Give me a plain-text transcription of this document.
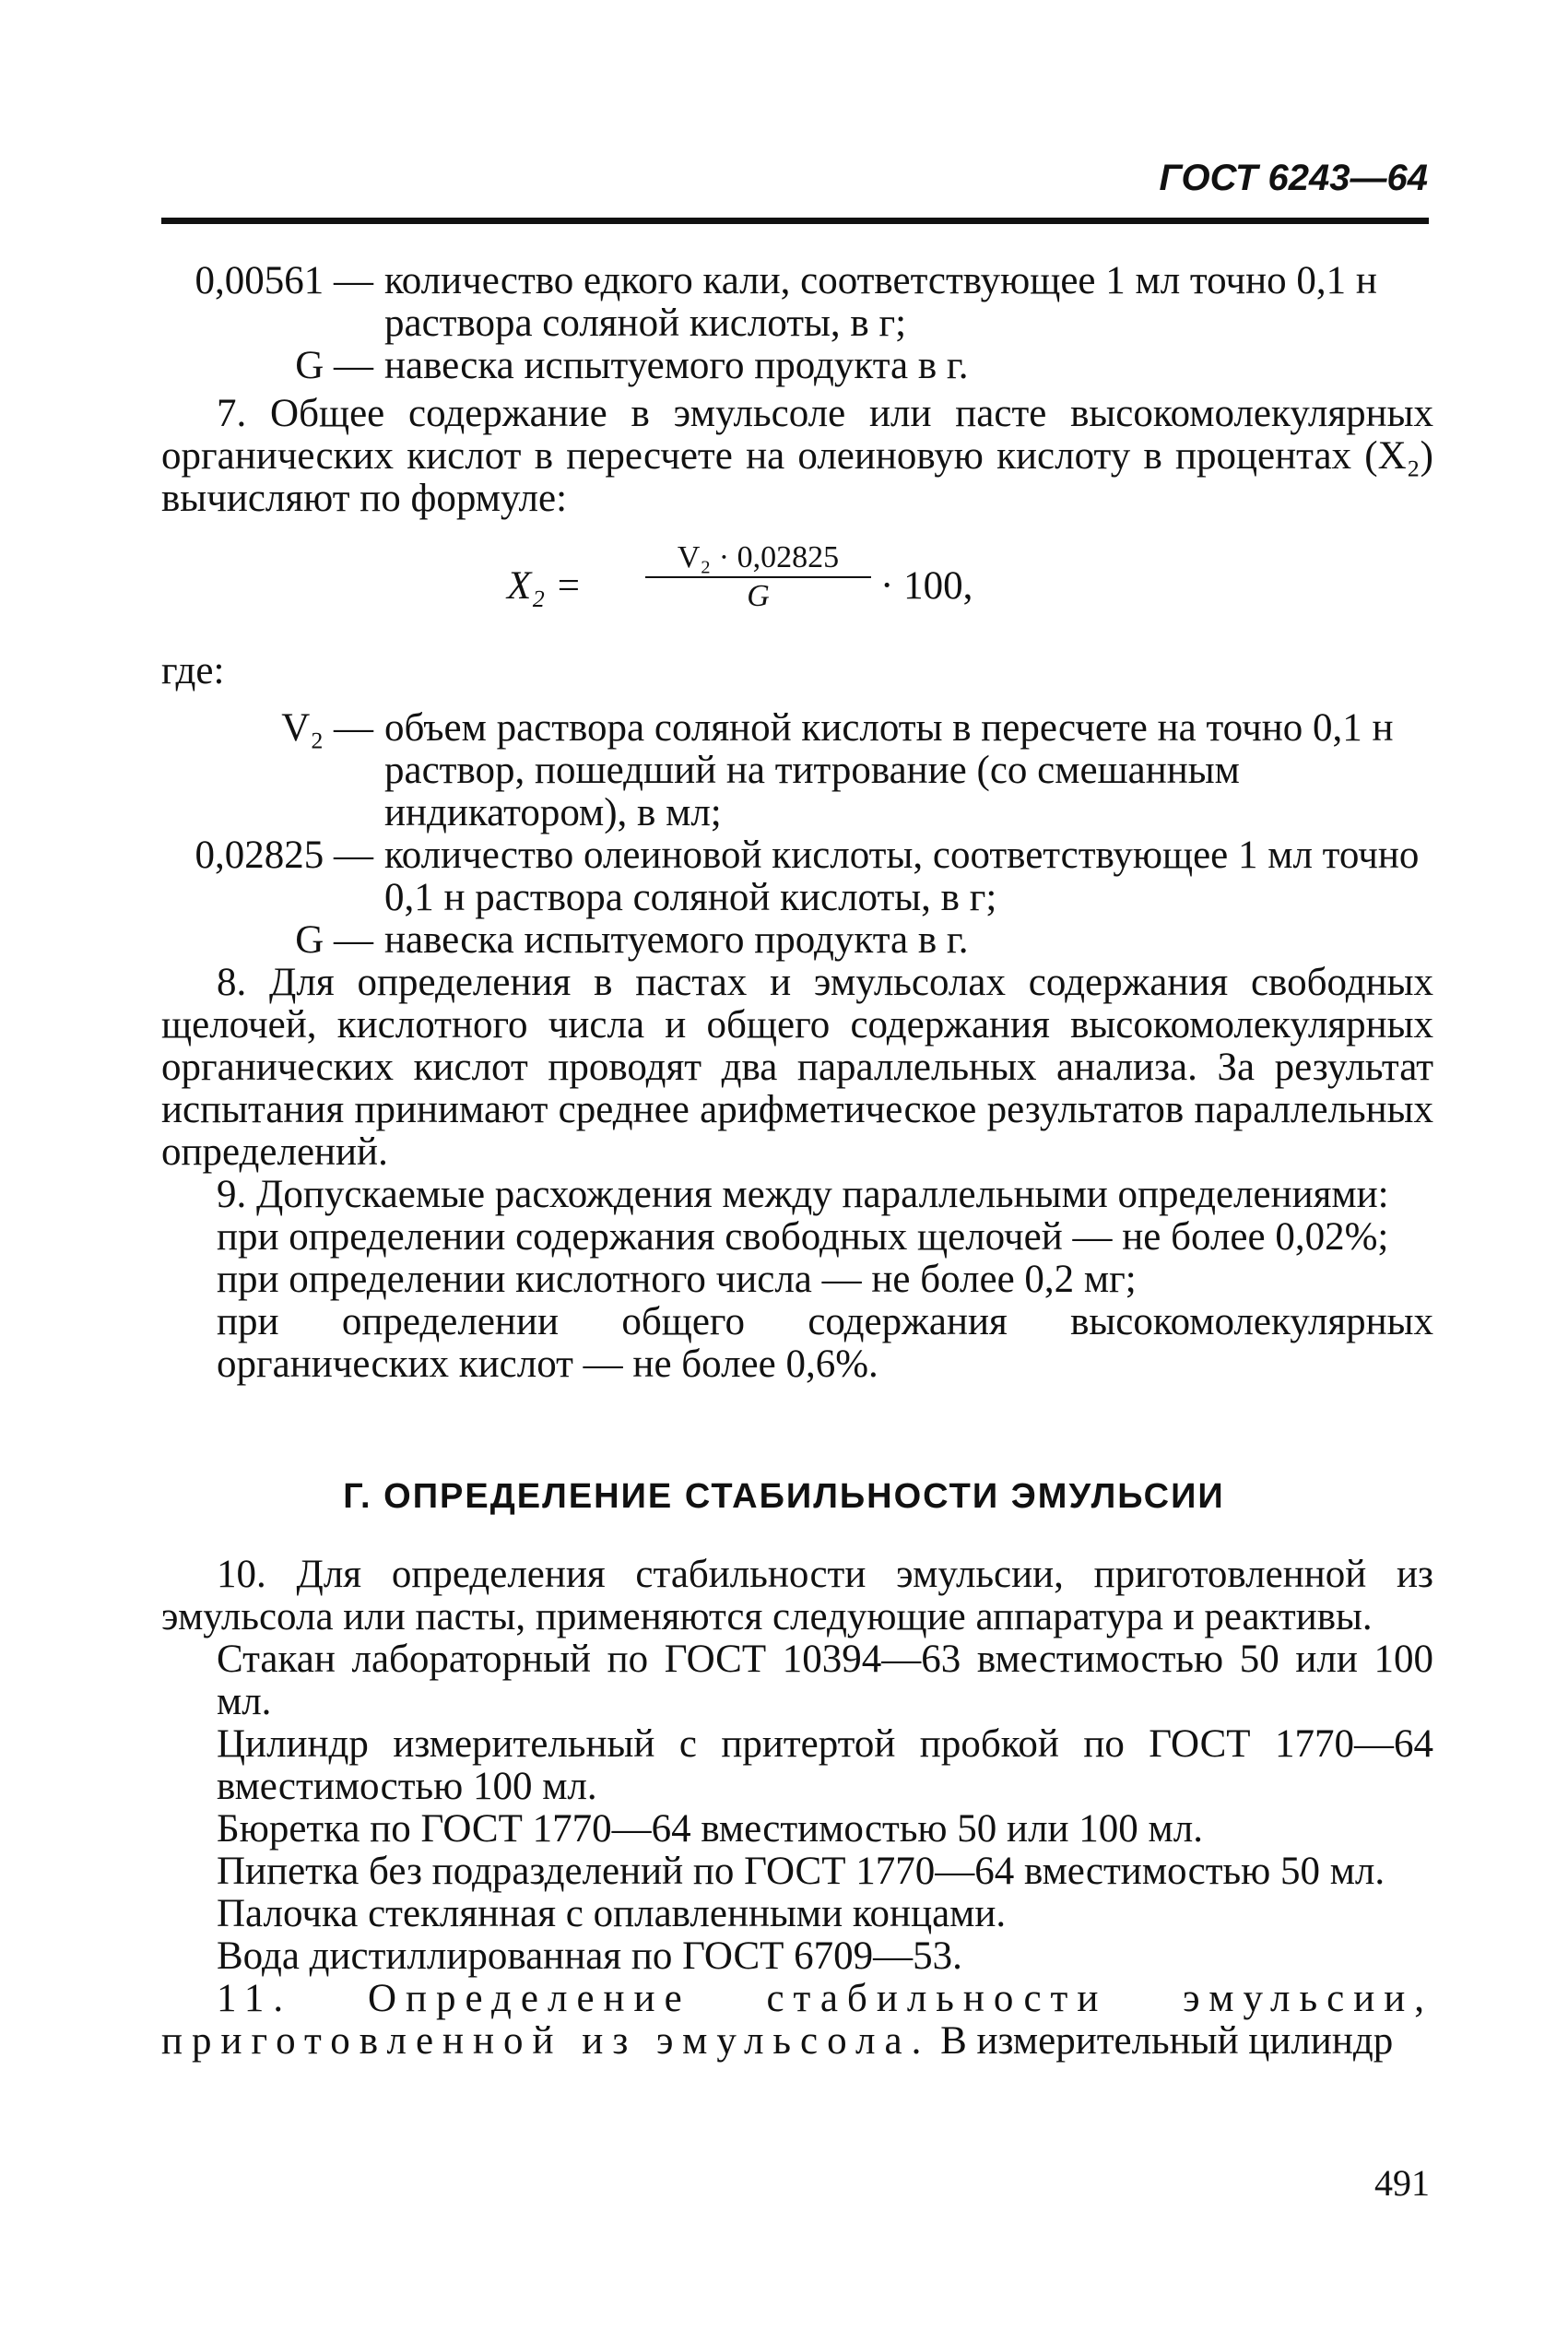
ГОСТ 6243—64
0,00561 — количество едкого кали, соответствующее 1 мл точно 0,1 н раствора соляной кислоты, в г;
G — навеска испытуемого продукта в г.
7. Общее содержание в эмульсоле или пасте высокомолекулярных органических кислот в пересчете на олеиновую кислоту в процентах (X₂) вычисляют по формуле:
$X_2 = \frac{\text{V₂ · 0,02825}}{G} \cdot 100$,
где:
V₂ — объем раствора соляной кислоты в пересчете на точно 0,1 н раствор, пошедший на титрование (со смешанным индикатором), в мл;
0,02825 — количество олеиновой кислоты, соответствующее 1 мл точно 0,1 н раствора соляной кислоты, в г;
G — навеска испытуемого продукта в г.
8. Для определения в пастах и эмульсолах содержания свободных щелочей, кислотного числа и общего содержания высокомолекулярных органических кислот проводят два параллельных анализа. За результат испытания принимают среднее арифметическое результатов параллельных определений.
9. Допускаемые расхождения между параллельными определениями:
при определении содержания свободных щелочей — не более 0,02%;
при определении кислотного числа — не более 0,2 мг;
при определении общего содержания высокомолекулярных органических кислот — не более 0,6%.
Г. ОПРЕДЕЛЕНИЕ СТАБИЛЬНОСТИ ЭМУЛЬСИИ
10. Для определения стабильности эмульсии, приготовленной из эмульсола или пасты, применяются следующие аппаратура и реактивы.
Стакан лабораторный по ГОСТ 10394—63 вместимостью 50 или 100 мл.
Цилиндр измерительный с притертой пробкой по ГОСТ 1770—64 вместимостью 100 мл.
Бюретка по ГОСТ 1770—64 вместимостью 50 или 100 мл.
Пипетка без подразделений по ГОСТ 1770—64 вместимостью 50 мл.
Палочка стеклянная с оплавленными концами.
Вода дистиллированная по ГОСТ 6709—53.
11. Определение стабильности эмульсии, приготовленной из эмульсола. В измерительный цилиндр
491
